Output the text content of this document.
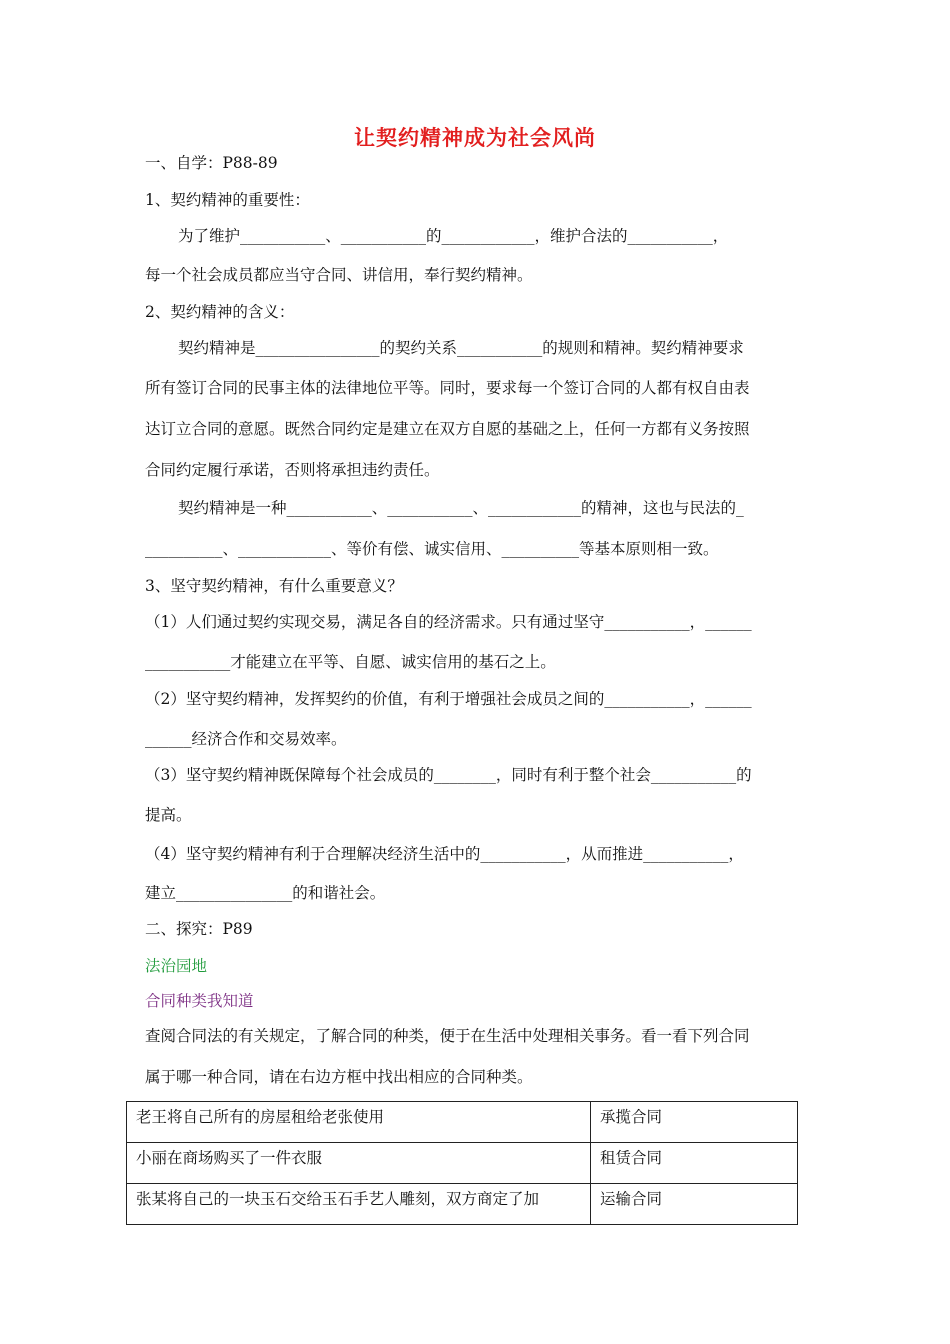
让契约精神成为社会风尚
一、自学：P88-89
1、契约精神的重要性：
为了维护___________、___________的____________，维护合法的___________，
每一个社会成员都应当守合同、讲信用，奉行契约精神。
2、契约精神的含义：
契约精神是________________的契约关系___________的规则和精神。契约精神要求
所有签订合同的民事主体的法律地位平等。同时，要求每一个签订合同的人都有权自由表
达订立合同的意愿。既然合同约定是建立在双方自愿的基础之上，任何一方都有义务按照
合同约定履行承诺，否则将承担违约责任。
契约精神是一种___________、___________、____________的精神，这也与民法的_
__________、____________、等价有偿、诚实信用、__________等基本原则相一致。
3、坚守契约精神，有什么重要意义？
（1）人们通过契约实现交易，满足各自的经济需求。只有通过坚守___________，______
___________才能建立在平等、自愿、诚实信用的基石之上。
（2）坚守契约精神，发挥契约的价值，有利于增强社会成员之间的___________，______
______经济合作和交易效率。
（3）坚守契约精神既保障每个社会成员的________，同时有利于整个社会___________的
提高。
（4）坚守契约精神有利于合理解决经济生活中的___________，从而推进___________，
建立_______________的和谐社会。
二、探究：P89
法治园地
合同种类我知道
查阅合同法的有关规定，了解合同的种类，便于在生活中处理相关事务。看一看下列合同
属于哪一种合同，请在右边方框中找出相应的合同种类。
老王将自己所有的房屋租给老张使用	承揽合同
小丽在商场购买了一件衣服	租赁合同
张某将自己的一块玉石交给玉石手艺人雕刻，双方商定了加	运输合同
